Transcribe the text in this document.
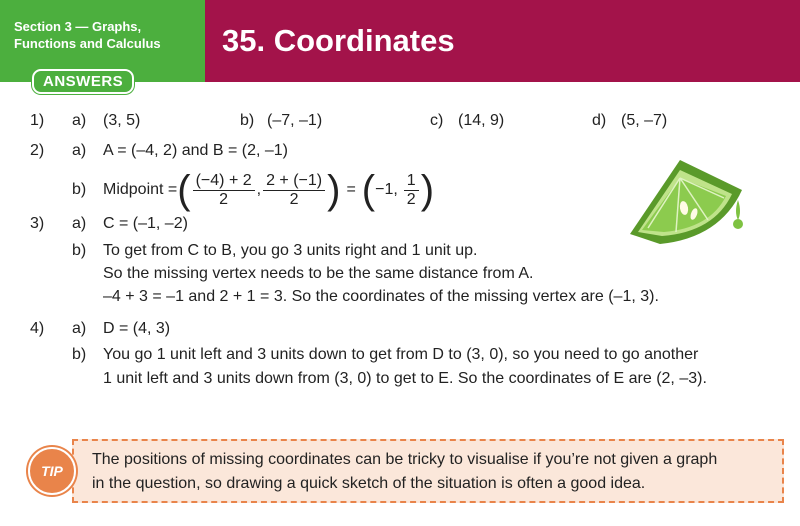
Section 3 — Graphs,
Functions and Calculus 35. Coordinates
ANSWERS
1) a) (3, 5)	b) (–7, –1)	c) (14, 9)	d) (5, –7)
2) a) A = (–4, 2) and B = (2, –1)
b) Midpoint = ( $\frac{(-4) + 2}{2}$ , $\frac{2 + (-1)}{2}$ ) = ( −1, $\frac{1}{2}$ )
3) a) C = (–1, –2)
b) To get from C to B, you go 3 units right and 1 unit up.
So the missing vertex needs to be the same distance from A.
–4 + 3 = –1 and 2 + 1 = 3. So the coordinates of the missing vertex are (–1, 3).
4) a) D = (4, 3)
b) You go 1 unit left and 3 units down to get from D to (3, 0), so you need to go another
1 unit left and 3 units down from (3, 0) to get to E. So the coordinates of E are (2, –3).
TIP
The positions of missing coordinates can be tricky to visualise if you’re not given a graph
in the question, so drawing a quick sketch of the situation is often a good idea.
